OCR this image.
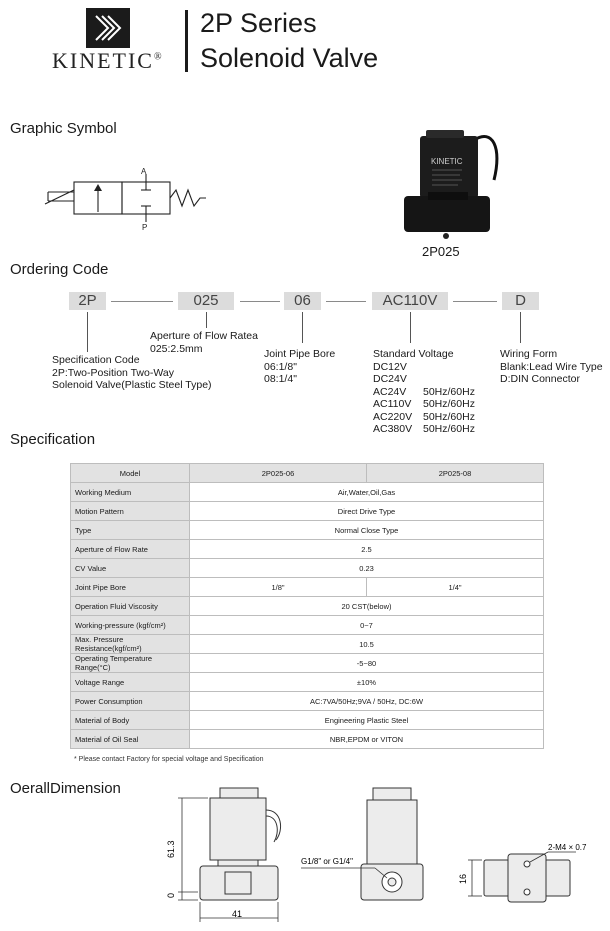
KINETIC®
2P Series
Solenoid Valve
Graphic Symbol
A
P
KINETIC
2P025
Ordering Code
2P	025	06	AC110V	D
Specification Code
2P:Two-Position Two-Way
Solenoid Valve(Plastic Steel Type)
Aperture of Flow Ratea
025:2.5mm	Joint Pipe Bore
06:1/8"
08:1/4"
Standard Voltage
DC12V
DC24V
AC24V	50Hz/60Hz
AC110V	50Hz/60Hz
AC220V	50Hz/60Hz
AC380V	50Hz/60Hz
Wiring Form
Blank:Lead Wire Type
D:DIN Connector
Specification
Model	2P025-06	2P025-08
Working Medium	Air,Water,Oil,Gas	
Motion Pattern	Direct Drive Type	
Type	Normal Close Type	
Aperture of Flow Rate	2.5	
CV Value	0.23	
Joint Pipe Bore	1/8"	1/4"
Operation Fluid Viscosity	20 CST(below)	
Working-pressure (kgf/cm²)	0~7	
Max. Pressure Resistance(kgf/cm²)	10.5	
Operating Temperature Range(°C)	-5~80	
Voltage Range	±10%	
Power Consumption	AC:7VA/50Hz;9VA / 50Hz, DC:6W	
Material of Body	Engineering Plastic Steel	
Material of Oil Seal	NBR,EPDM or VITON	
* Please contact Factory for special voltage and Specification
OerallDimension
61.3
0
41
G1/8" or G1/4"
16
2-M4 × 0.7
